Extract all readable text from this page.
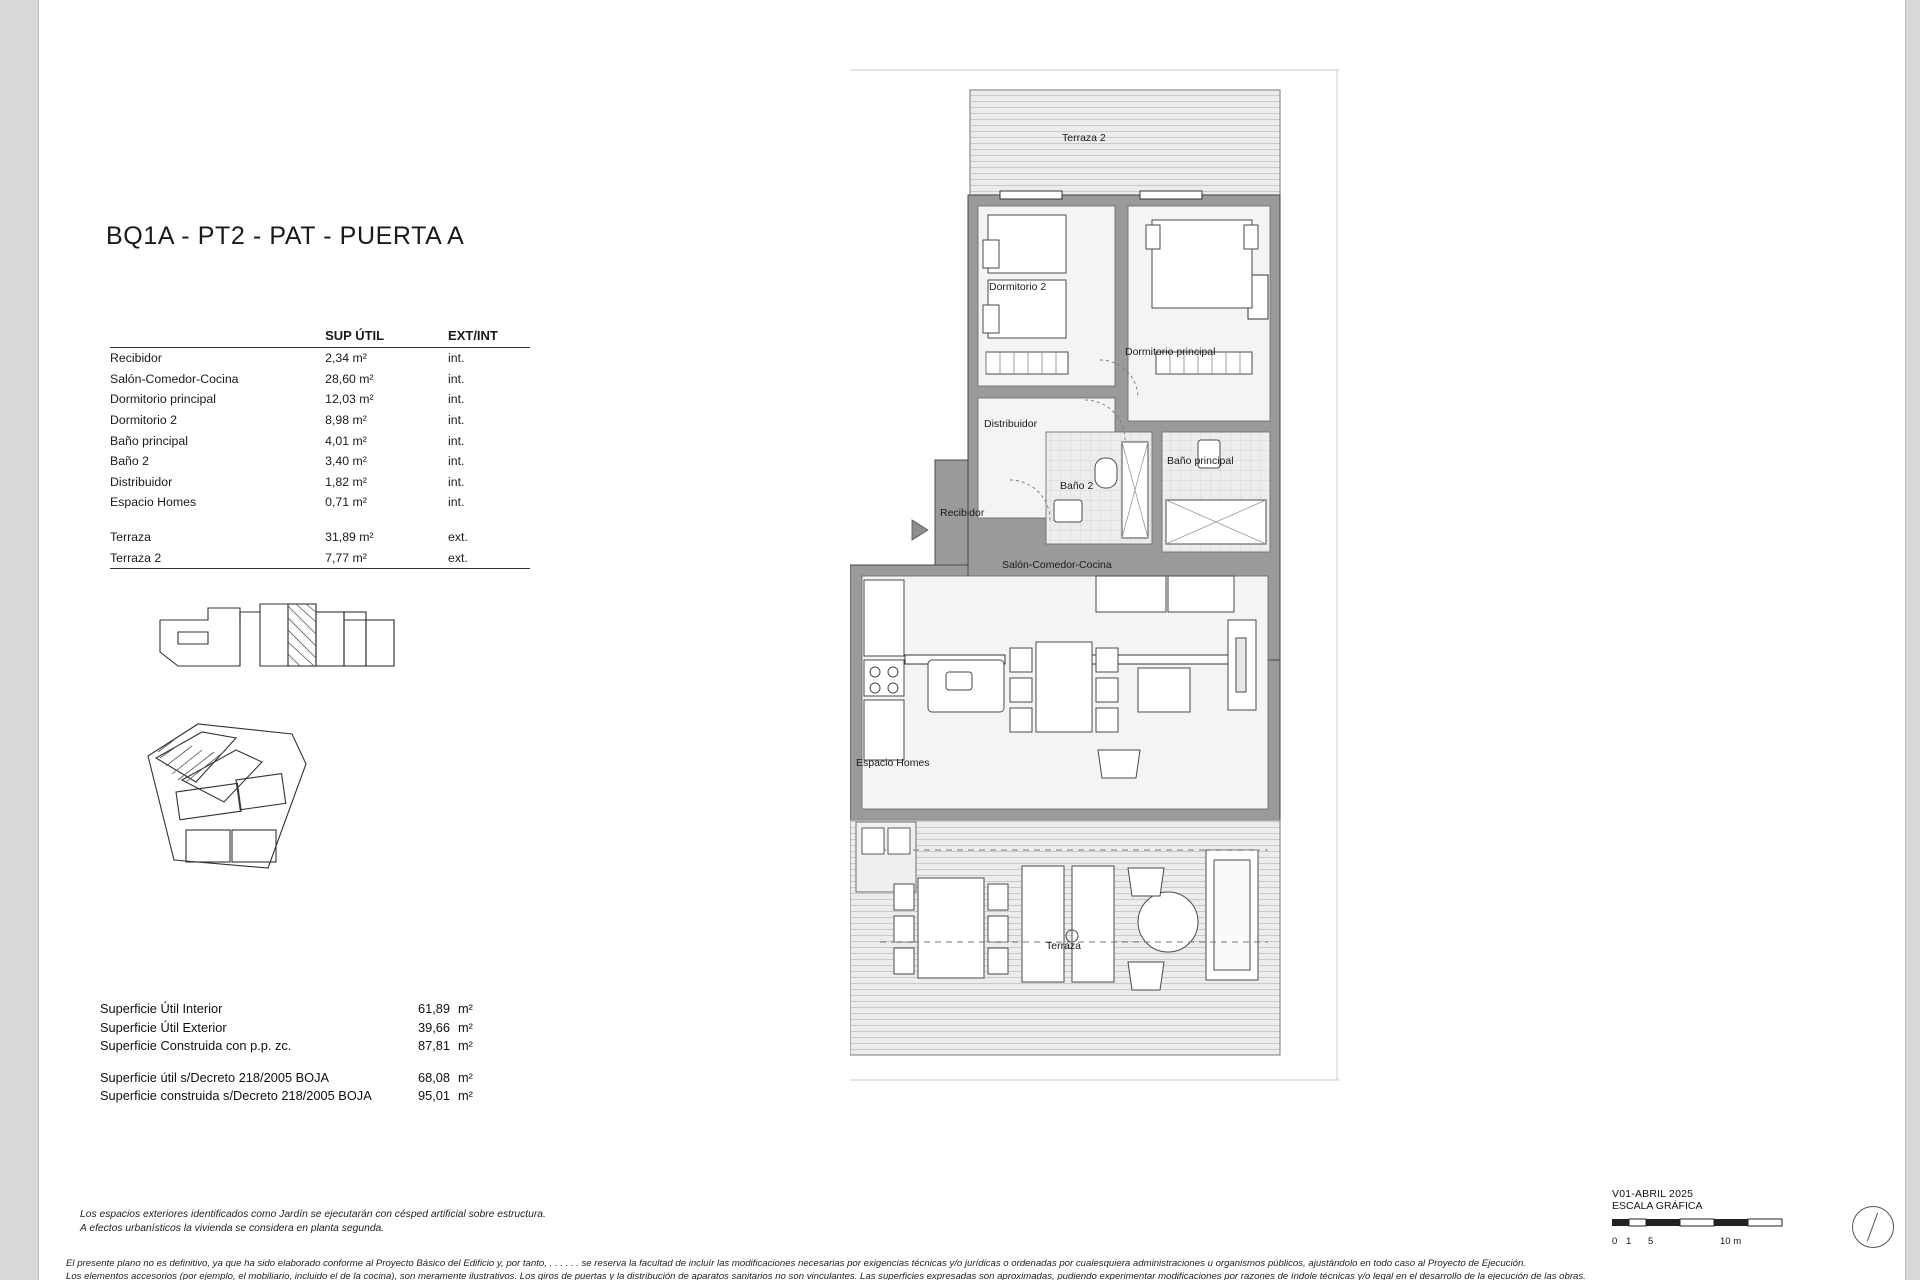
BQ1A - PT2 - PAT - PUERTA A
	SUP ÚTIL	EXT/INT
Recibidor	2,34 m²	int.
Salón-Comedor-Cocina	28,60 m²	int.
Dormitorio principal	12,03 m²	int.
Dormitorio 2	8,98 m²	int.
Baño principal	4,01 m²	int.
Baño 2	3,40 m²	int.
Distribuidor	1,82 m²	int.
Espacio Homes	0,71 m²	int.

Terraza	31,89 m²	ext.
Terraza 2	7,77 m²	ext.
Superficie Útil Interior	61,89 m²
Superficie Útil Exterior	39,66 m²
Superficie Construida con p.p. zc.	87,81 m²
Superficie útil s/Decreto 218/2005 BOJA	68,08 m²
Superficie construida s/Decreto 218/2005 BOJA	95,01 m²
Los espacios exteriores identificados como Jardín se ejecutarán con césped artificial sobre estructura.
A efectos urbanísticos la vivienda se considera en planta segunda.
El presente plano no es definitivo, ya que ha sido elaborado conforme al Proyecto Básico del Edificio y, por tanto, . . . . . . se reserva la facultad de incluír las modificaciones necesarias por exigencias técnicas y/o jurídicas o ordenadas por cualesquiera administraciones u organismos públicos, ajustándolo en todo caso al Proyecto de Ejecución.
Los elementos accesorios (por ejemplo, el mobiliario, incluido el de la cocina), son meramente ilustrativos. Los giros de puertas y la distribución de aparatos sanitarios no son vinculantes. Las superficies expresadas son aproximadas, pudiendo experimentar modificaciones por razones de índole técnicas y/o legal en el desarrollo de la ejecución de las obras.
V01-ABRIL 2025
ESCALA GRÁFICA
0 1	5	10 m
Terraza 2
Dormitorio 2
Dormitorio principal
Distribuidor
Baño principal
Baño 2
Recibidor
Salón-Comedor-Cocina
Espacio Homes
Terraza
